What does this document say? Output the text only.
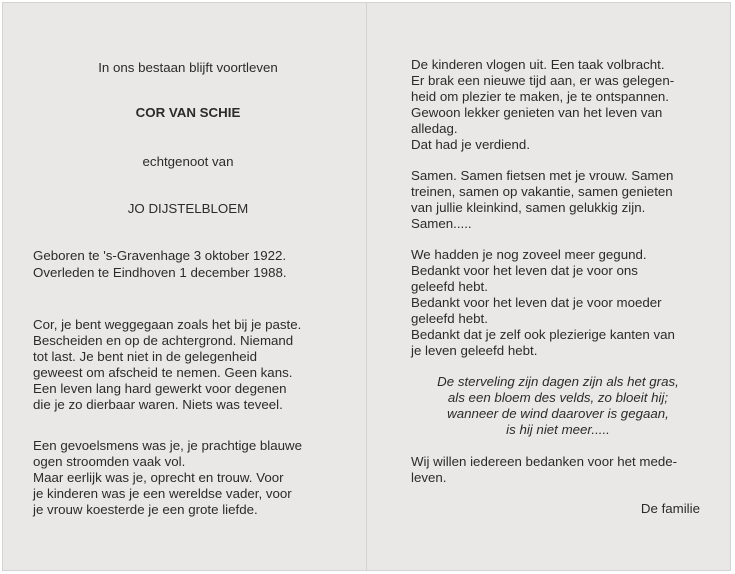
In ons bestaan blijft voortleven
COR VAN SCHIE
echtgenoot van
JO DIJSTELBLOEM
Geboren te 's-Gravenhage 3 oktober 1922.
Overleden te Eindhoven 1 december 1988.
Cor, je bent weggegaan zoals het bij je paste.
Bescheiden en op de achtergrond. Niemand
tot last. Je bent niet in de gelegenheid
geweest om afscheid te nemen. Geen kans.
Een leven lang hard gewerkt voor degenen
die je zo dierbaar waren. Niets was teveel.
Een gevoelsmens was je, je prachtige blauwe
ogen stroomden vaak vol.
Maar eerlijk was je, oprecht en trouw. Voor
je kinderen was je een wereldse vader, voor
je vrouw koesterde je een grote liefde.
De kinderen vlogen uit. Een taak volbracht.
Er brak een nieuwe tijd aan, er was gelegen-
heid om plezier te maken, je te ontspannen.
Gewoon lekker genieten van het leven van
alledag.
Dat had je verdiend.
Samen. Samen fietsen met je vrouw. Samen
treinen, samen op vakantie, samen genieten
van jullie kleinkind, samen gelukkig zijn.
Samen.....
We hadden je nog zoveel meer gegund.
Bedankt voor het leven dat je voor ons
geleefd hebt.
Bedankt voor het leven dat je voor moeder
geleefd hebt.
Bedankt dat je zelf ook plezierige kanten van
je leven geleefd hebt.
De sterveling zijn dagen zijn als het gras,
als een bloem des velds, zo bloeit hij;
wanneer de wind daarover is gegaan,
is hij niet meer.....
Wij willen iedereen bedanken voor het mede-
leven.
De familie
